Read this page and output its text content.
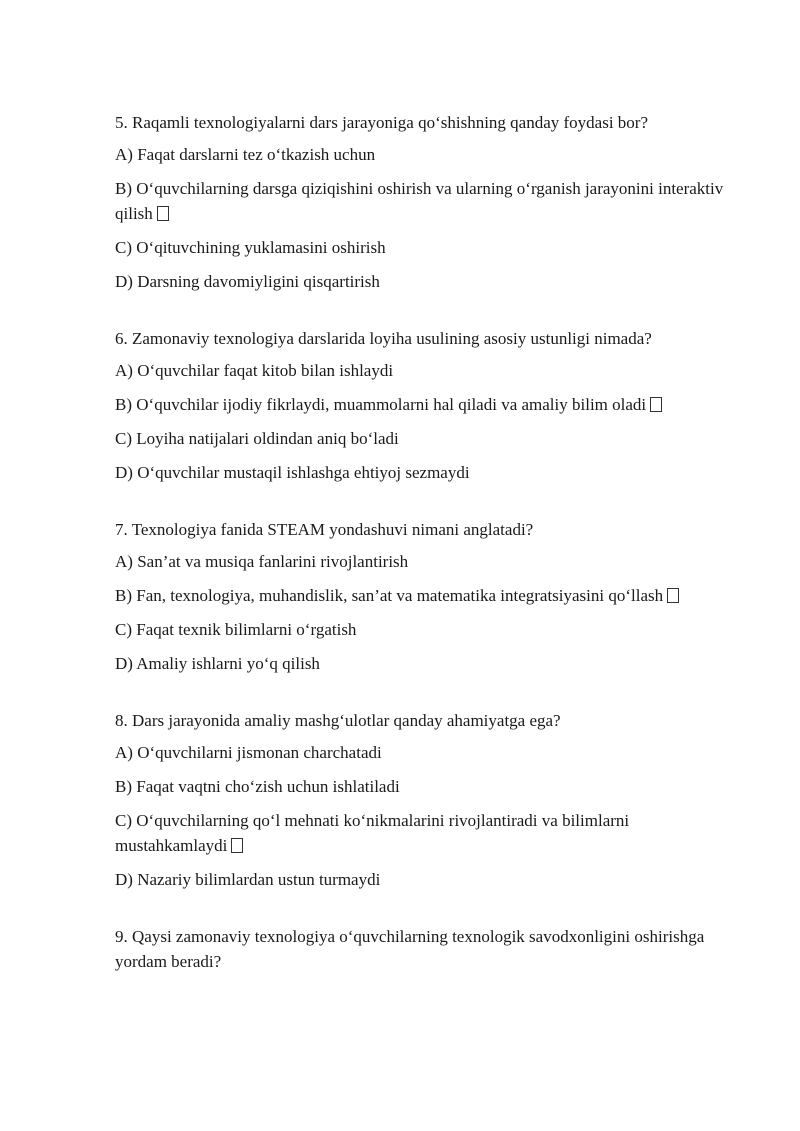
5. Raqamli texnologiyalarni dars jarayoniga qo‘shishning qanday foydasi bor?

A) Faqat darslarni tez o‘tkazish uchun

B) O‘quvchilarning darsga qiziqishini oshirish va ularning o‘rganish jarayonini interaktiv qilish

C) O‘qituvchining yuklamasini oshirish

D) Darsning davomiyligini qisqartirish

6. Zamonaviy texnologiya darslarida loyiha usulining asosiy ustunligi nimada?

A) O‘quvchilar faqat kitob bilan ishlaydi

B) O‘quvchilar ijodiy fikrlaydi, muammolarni hal qiladi va amaliy bilim oladi

C) Loyiha natijalari oldindan aniq bo‘ladi

D) O‘quvchilar mustaqil ishlashga ehtiyoj sezmaydi

7. Texnologiya fanida STEAM yondashuvi nimani anglatadi?

A) San’at va musiqa fanlarini rivojlantirish

B) Fan, texnologiya, muhandislik, san’at va matematika integratsiyasini qo‘llash

C) Faqat texnik bilimlarni o‘rgatish

D) Amaliy ishlarni yo‘q qilish

8. Dars jarayonida amaliy mashg‘ulotlar qanday ahamiyatga ega?

A) O‘quvchilarni jismonan charchatadi

B) Faqat vaqtni cho‘zish uchun ishlatiladi

C) O‘quvchilarning qo‘l mehnati ko‘nikmalarini rivojlantiradi va bilimlarni mustahkamlaydi

D) Nazariy bilimlardan ustun turmaydi

9. Qaysi zamonaviy texnologiya o‘quvchilarning texnologik savodxonligini oshirishga yordam beradi?
